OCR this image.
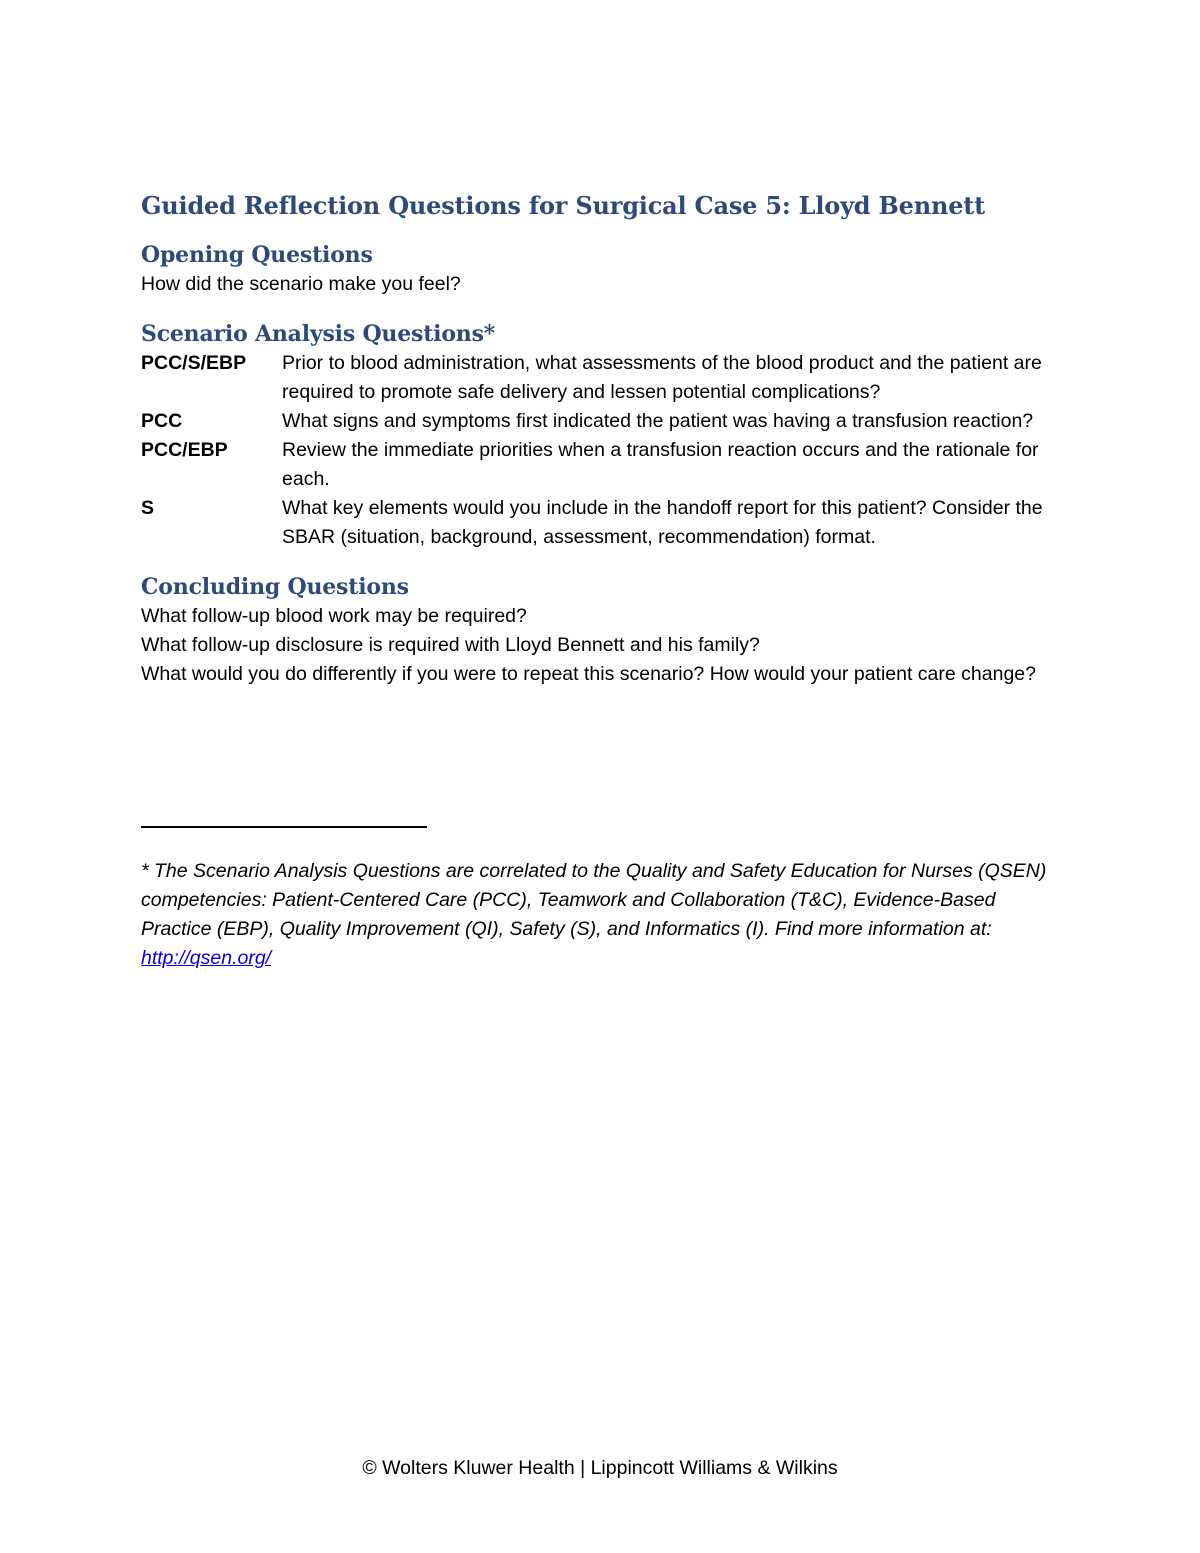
Guided Reflection Questions for Surgical Case 5: Lloyd Bennett
Opening Questions

How did the scenario make you feel?

Scenario Analysis Questions*
PCC/S/EBP	Prior to blood administration, what assessments of the blood product and the patient are required to promote safe delivery and lessen potential complications?
PCC	What signs and symptoms first indicated the patient was having a transfusion reaction?
PCC/EBP	Review the immediate priorities when a transfusion reaction occurs and the rationale for each.
S	What key elements would you include in the handoff report for this patient? Consider the SBAR (situation, background, assessment, recommendation) format.
Concluding Questions

What follow-up blood work may be required?

What follow-up disclosure is required with Lloyd Bennett and his family?

What would you do differently if you were to repeat this scenario? How would your patient care change?

* The Scenario Analysis Questions are correlated to the Quality and Safety Education for Nurses (QSEN) competencies: Patient-Centered Care (PCC), Teamwork and Collaboration (T&C), Evidence-Based Practice (EBP), Quality Improvement (QI), Safety (S), and Informatics (I). Find more information at: http://qsen.org/
© Wolters Kluwer Health | Lippincott Williams & Wilkins
